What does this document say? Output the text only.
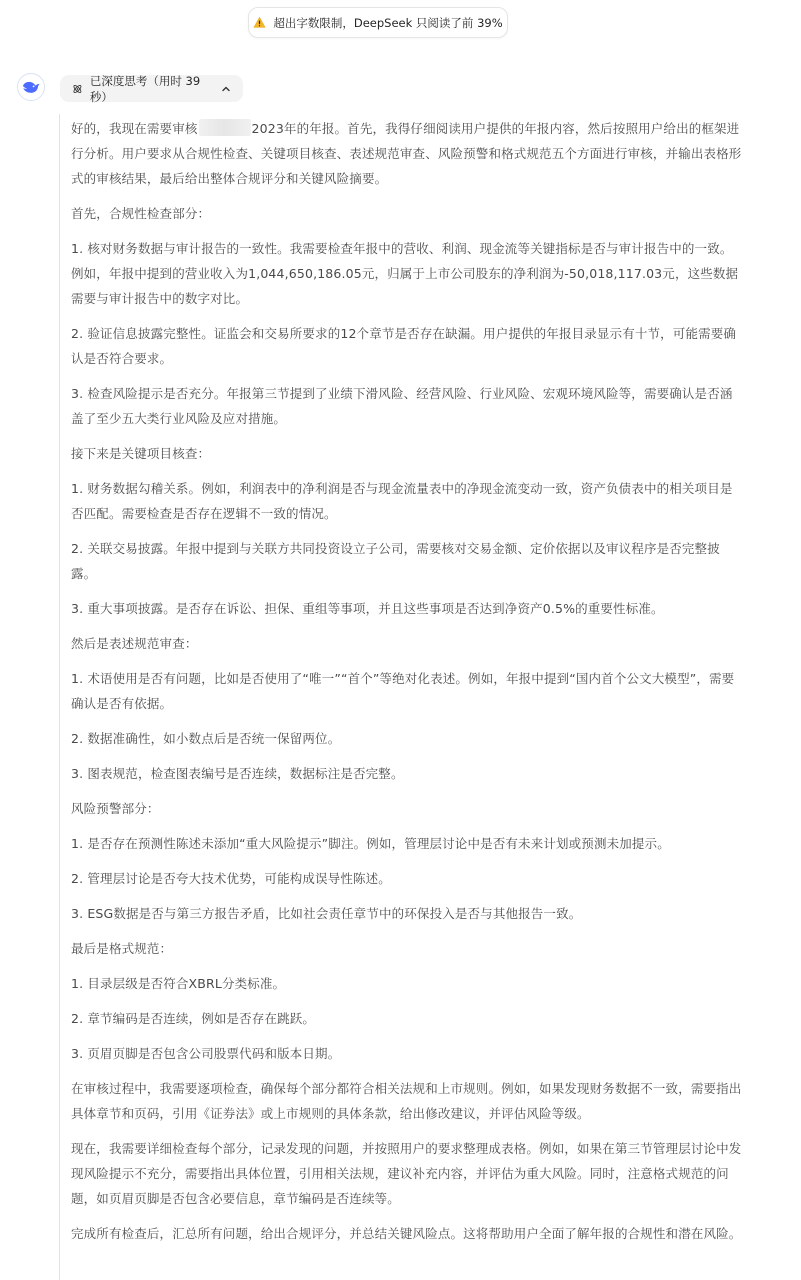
超出字数限制，DeepSeek 只阅读了前 39%
已深度思考（用时 39 秒）

好的，我现在需要审核	2023年的年报。首先，我得仔细阅读用户提供的年报内容，然后按照用户给出的框架进行分析。用户要求从合规性检查、关键项目核查、表述规范审查、风险预警和格式规范五个方面进行审核，并输出表格形式的审核结果，最后给出整体合规评分和关键风险摘要。

首先，合规性检查部分：

1. 核对财务数据与审计报告的一致性。我需要检查年报中的营收、利润、现金流等关键指标是否与审计报告中的一致。例如，年报中提到的营业收入为1,044,650,186.05元，归属于上市公司股东的净利润为-50,018,117.03元，这些数据需要与审计报告中的数字对比。

2. 验证信息披露完整性。证监会和交易所要求的12个章节是否存在缺漏。用户提供的年报目录显示有十节，可能需要确认是否符合要求。

3. 检查风险提示是否充分。年报第三节提到了业绩下滑风险、经营风险、行业风险、宏观环境风险等，需要确认是否涵盖了至少五大类行业风险及应对措施。

接下来是关键项目核查：

1. 财务数据勾稽关系。例如，利润表中的净利润是否与现金流量表中的净现金流变动一致，资产负债表中的相关项目是否匹配。需要检查是否存在逻辑不一致的情况。

2. 关联交易披露。年报中提到与关联方共同投资设立子公司，需要核对交易金额、定价依据以及审议程序是否完整披露。

3. 重大事项披露。是否存在诉讼、担保、重组等事项，并且这些事项是否达到净资产0.5%的重要性标准。

然后是表述规范审查：

1. 术语使用是否有问题，比如是否使用了“唯一”“首个”等绝对化表述。例如，年报中提到“国内首个公文大模型”，需要确认是否有依据。

2. 数据准确性，如小数点后是否统一保留两位。

3. 图表规范，检查图表编号是否连续，数据标注是否完整。

风险预警部分：

1. 是否存在预测性陈述未添加“重大风险提示”脚注。例如，管理层讨论中是否有未来计划或预测未加提示。

2. 管理层讨论是否夸大技术优势，可能构成误导性陈述。

3. ESG数据是否与第三方报告矛盾，比如社会责任章节中的环保投入是否与其他报告一致。

最后是格式规范：

1. 目录层级是否符合XBRL分类标准。

2. 章节编码是否连续，例如是否存在跳跃。

3. 页眉页脚是否包含公司股票代码和版本日期。

在审核过程中，我需要逐项检查，确保每个部分都符合相关法规和上市规则。例如，如果发现财务数据不一致，需要指出具体章节和页码，引用《证券法》或上市规则的具体条款，给出修改建议，并评估风险等级。

现在，我需要详细检查每个部分，记录发现的问题，并按照用户的要求整理成表格。例如，如果在第三节管理层讨论中发现风险提示不充分，需要指出具体位置，引用相关法规，建议补充内容，并评估为重大风险。同时，注意格式规范的问题，如页眉页脚是否包含必要信息，章节编码是否连续等。

完成所有检查后，汇总所有问题，给出合规评分，并总结关键风险点。这将帮助用户全面了解年报的合规性和潜在风险。
